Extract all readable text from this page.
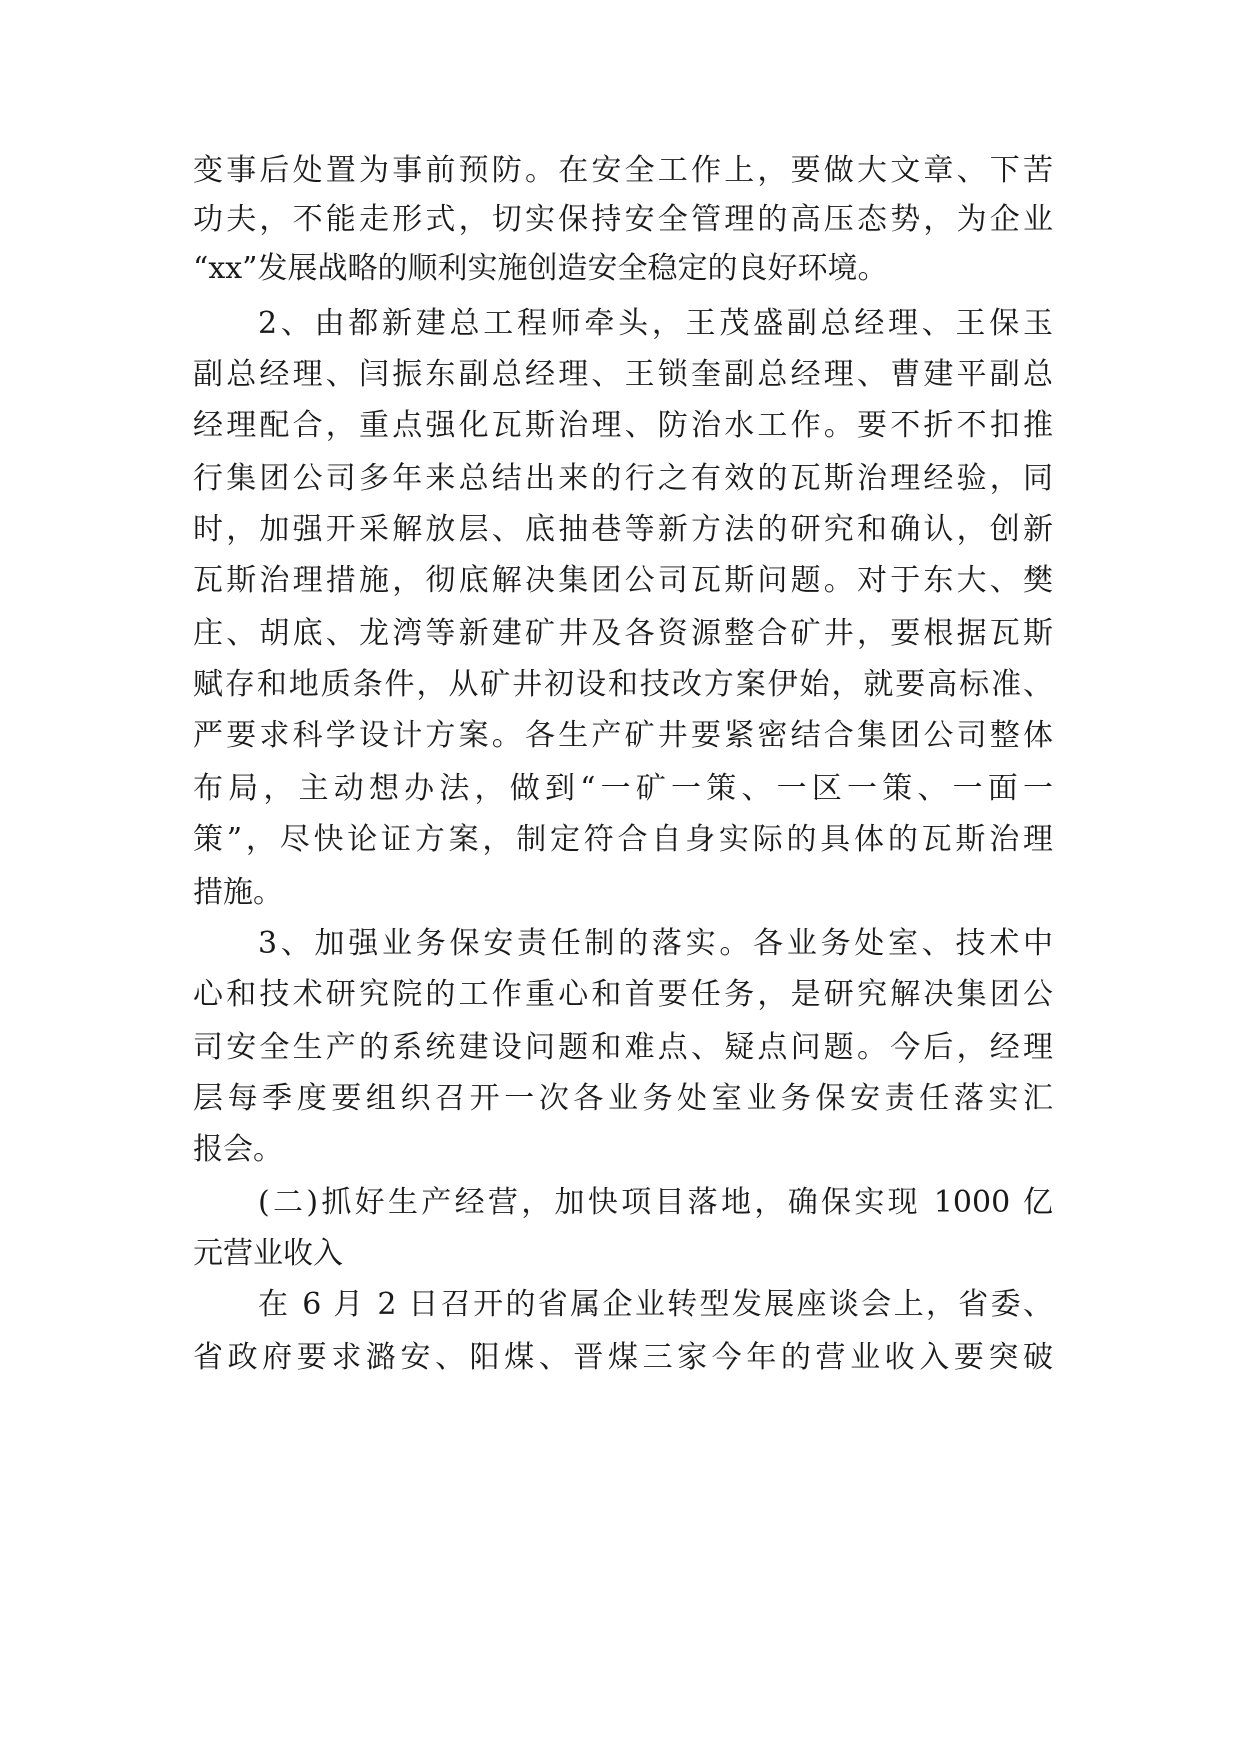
变事后处置为事前预防。在安全工作上，要做大文章、下苦
功夫，不能走形式，切实保持安全管理的高压态势，为企业
“xx”发展战略的顺利实施创造安全稳定的良好环境。
2、由都新建总工程师牵头，王茂盛副总经理、王保玉
副总经理、闫振东副总经理、王锁奎副总经理、曹建平副总
经理配合，重点强化瓦斯治理、防治水工作。要不折不扣推
行集团公司多年来总结出来的行之有效的瓦斯治理经验，同
时，加强开采解放层、底抽巷等新方法的研究和确认，创新
瓦斯治理措施，彻底解决集团公司瓦斯问题。对于东大、樊
庄、胡底、龙湾等新建矿井及各资源整合矿井，要根据瓦斯
赋存和地质条件，从矿井初设和技改方案伊始，就要高标准、
严要求科学设计方案。各生产矿井要紧密结合集团公司整体
布局，主动想办法，做到“一矿一策、一区一策、一面一
策”，尽快论证方案，制定符合自身实际的具体的瓦斯治理
措施。
3、加强业务保安责任制的落实。各业务处室、技术中
心和技术研究院的工作重心和首要任务，是研究解决集团公
司安全生产的系统建设问题和难点、疑点问题。今后，经理
层每季度要组织召开一次各业务处室业务保安责任落实汇
报会。
(二)抓好生产经营，加快项目落地，确保实现 1000 亿
元营业收入
在 6 月 2 日召开的省属企业转型发展座谈会上，省委、
省政府要求潞安、阳煤、晋煤三家今年的营业收入要突破
